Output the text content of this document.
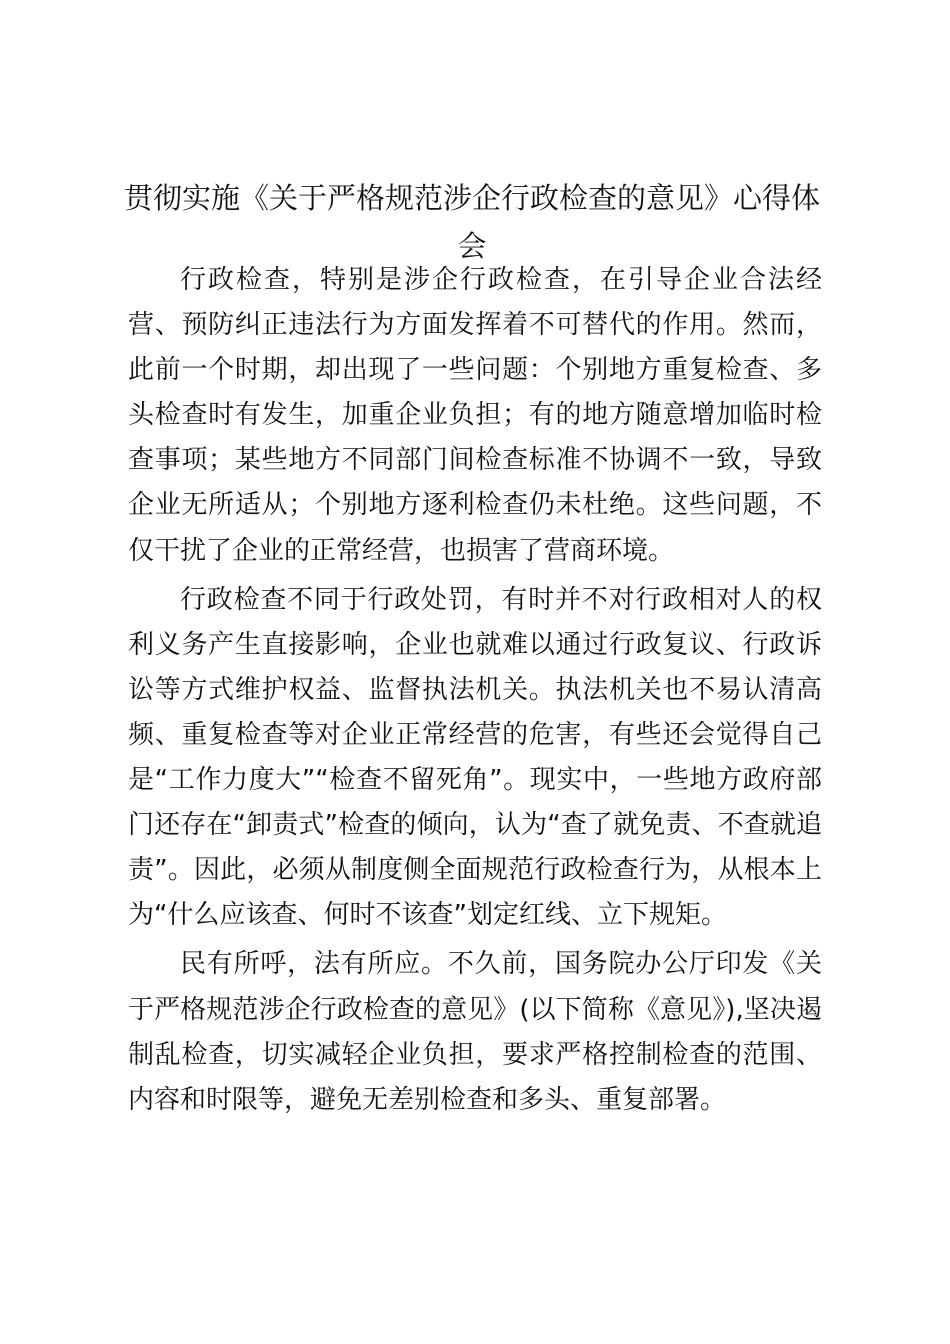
贯彻实施《关于严格规范涉企行政检查的意见》心得体会

行政检查，特别是涉企行政检查，在引导企业合法经营、预防纠正违法行为方面发挥着不可替代的作用。然而，此前一个时期，却出现了一些问题：个别地方重复检查、多头检查时有发生，加重企业负担；有的地方随意增加临时检查事项；某些地方不同部门间检查标准不协调不一致，导致企业无所适从；个别地方逐利检查仍未杜绝。这些问题，不仅干扰了企业的正常经营，也损害了营商环境。

行政检查不同于行政处罚，有时并不对行政相对人的权利义务产生直接影响，企业也就难以通过行政复议、行政诉讼等方式维护权益、监督执法机关。执法机关也不易认清高频、重复检查等对企业正常经营的危害，有些还会觉得自己是“工作力度大”“检查不留死角”。现实中，一些地方政府部门还存在“卸责式”检查的倾向，认为“查了就免责、不查就追责”。因此，必须从制度侧全面规范行政检查行为，从根本上为“什么应该查、何时不该查”划定红线、立下规矩。

民有所呼，法有所应。不久前，国务院办公厅印发《关于严格规范涉企行政检查的意见》(以下简称《意见》),坚决遏制乱检查，切实减轻企业负担，要求严格控制检查的范围、内容和时限等，避免无差别检查和多头、重复部署。
